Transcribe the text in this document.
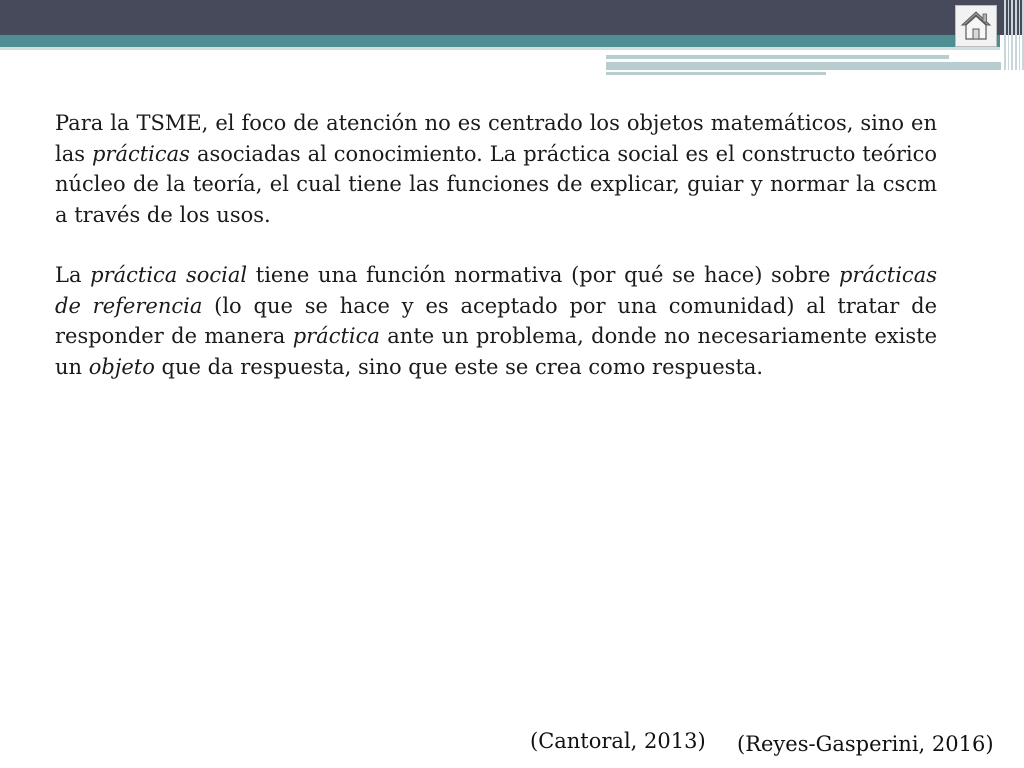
Para la TSME, el foco de atención no es centrado los objetos matemáticos, sino en las prácticas asociadas al conocimiento. La práctica social es el constructo teórico núcleo de la teoría, el cual tiene las funciones de explicar, guiar y normar la cscm a través de los usos.

La práctica social tiene una función normativa (por qué se hace) sobre prácticas de referencia (lo que se hace y es aceptado por una comunidad) al tratar de responder de manera práctica ante un problema, donde no necesariamente existe un objeto que da respuesta, sino que este se crea como respuesta.

(Cantoral, 2013) (Reyes-Gasperini, 2016)
